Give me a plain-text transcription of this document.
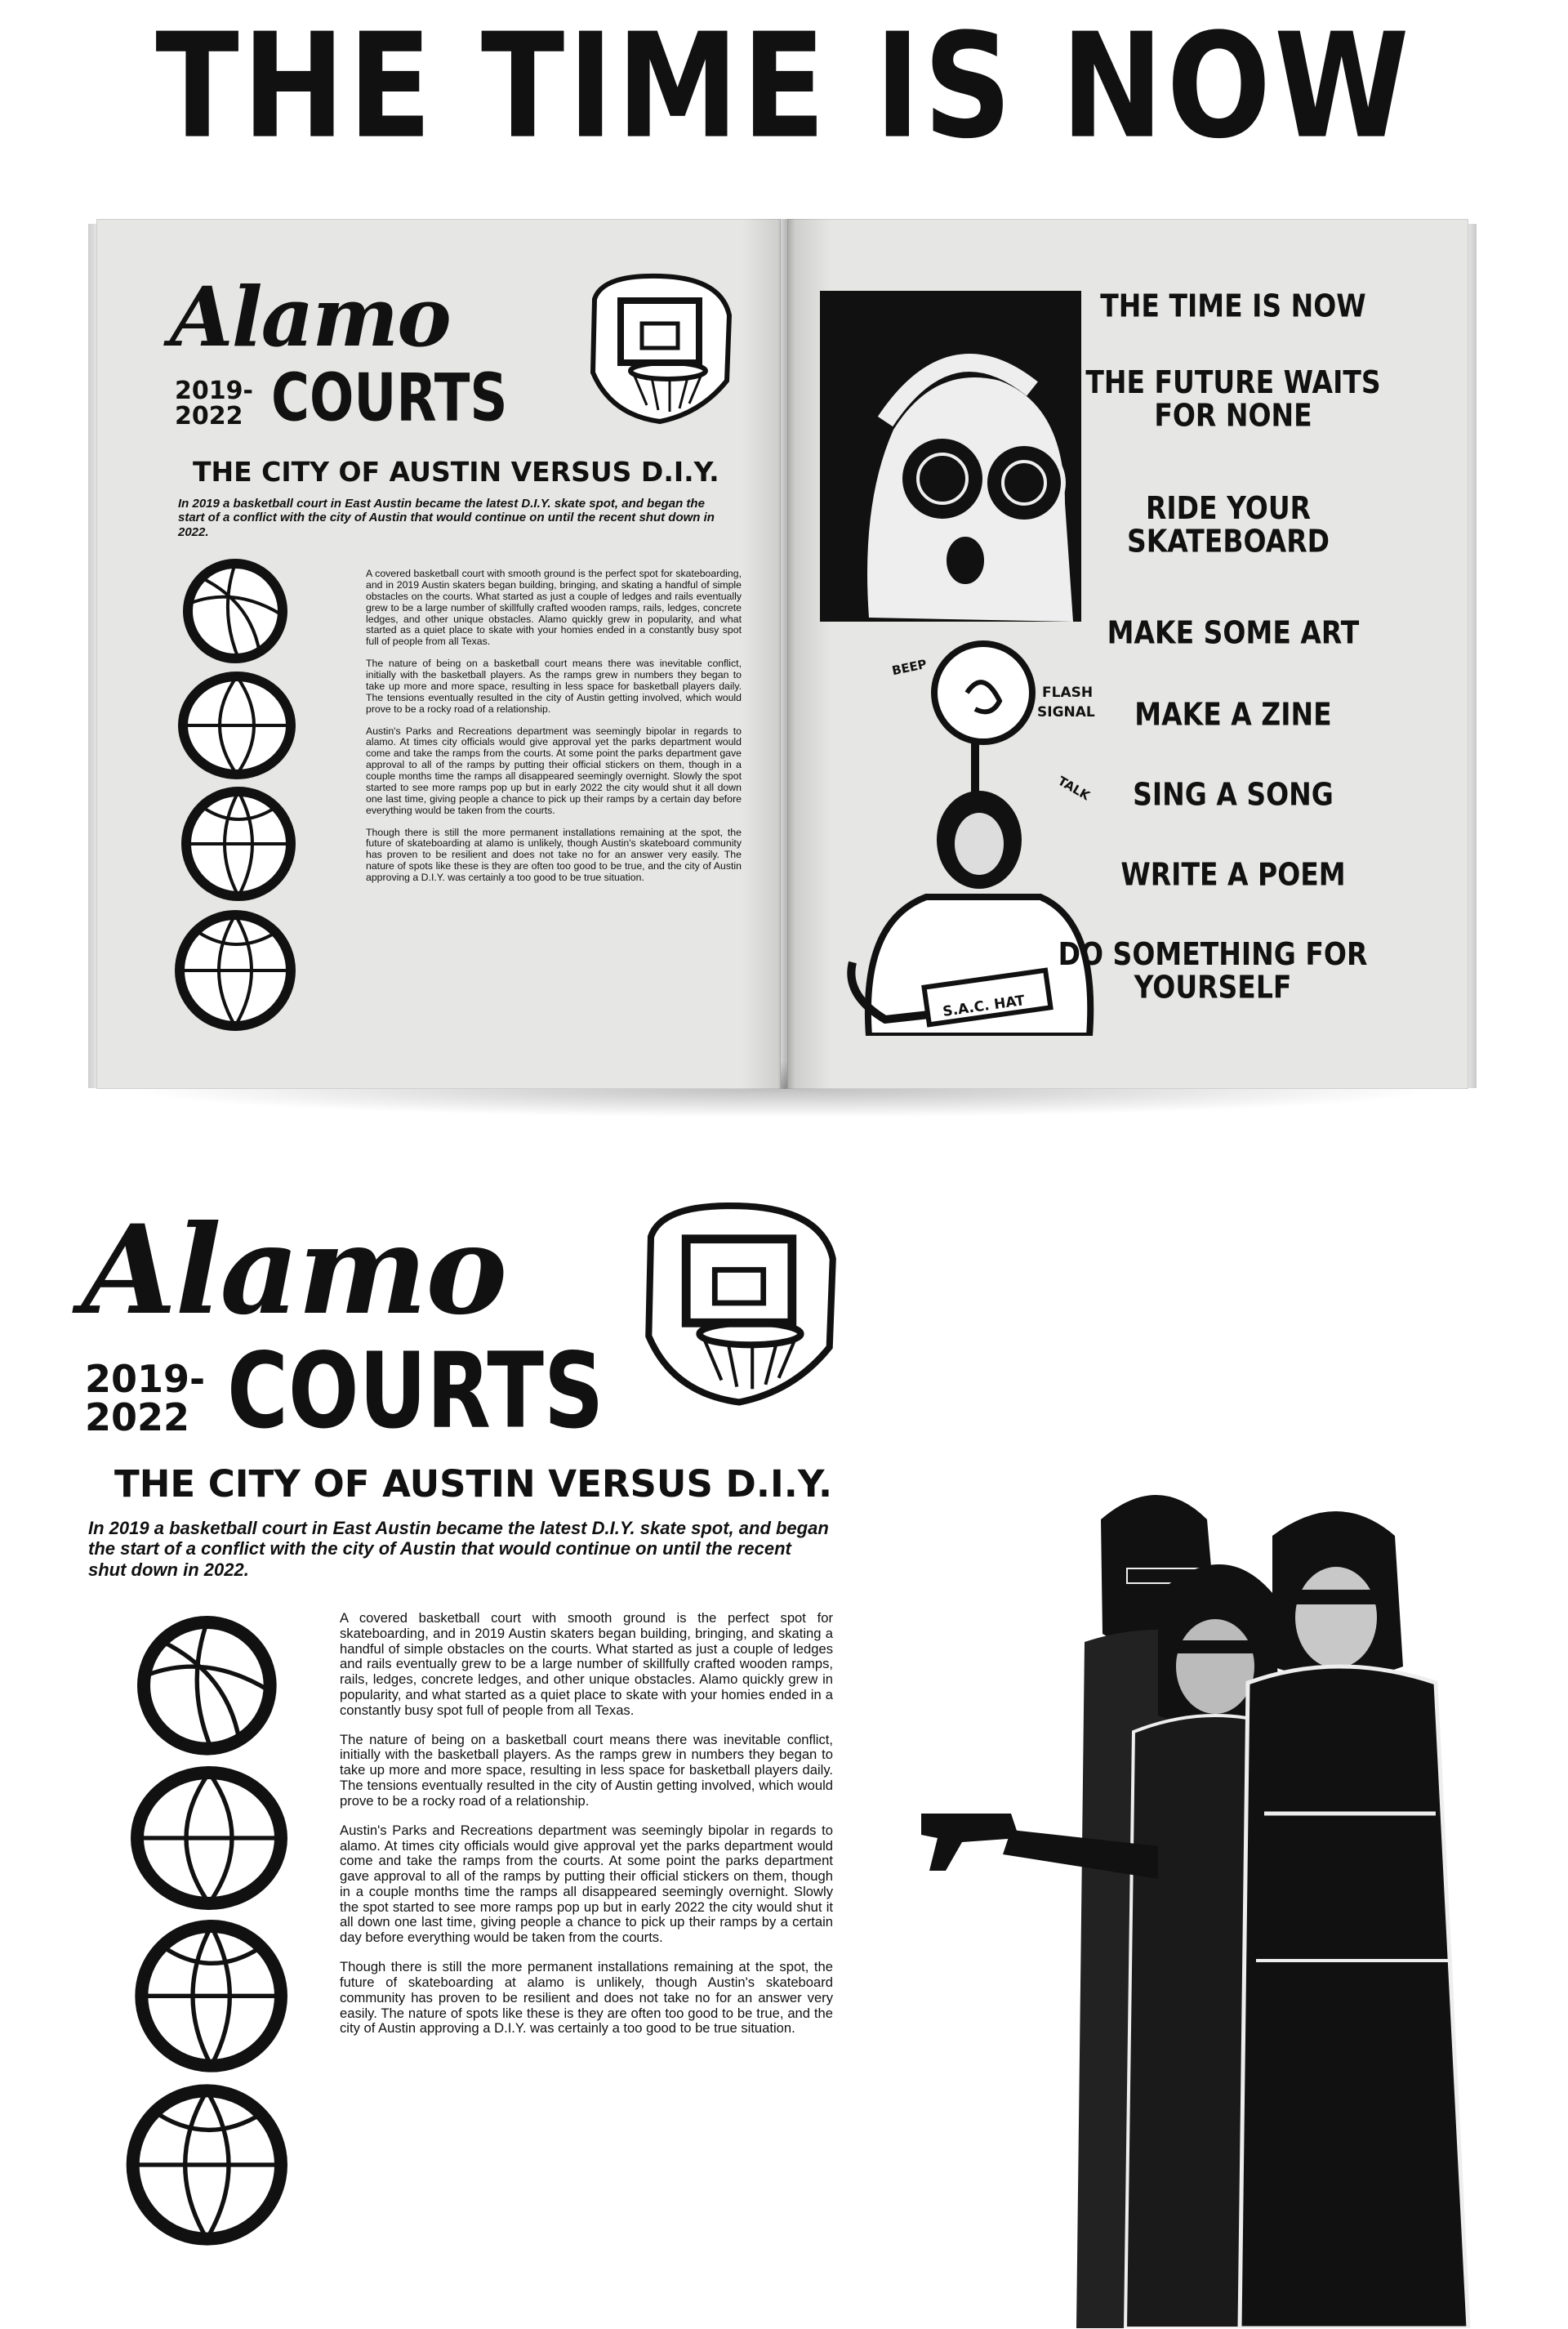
THE TIME IS NOW
Alamo
2019-
2022 COURTS
THE CITY OF AUSTIN VERSUS D.I.Y.
In 2019 a basketball court in East Austin became the latest D.I.Y. skate spot, and began the start of a conflict with the city of Austin that would continue on until the recent shut down in 2022.

A covered basketball court with smooth ground is the perfect spot for skateboarding, and in 2019 Austin skaters began building, bringing, and skating a handful of simple obstacles on the courts. What started as just a couple of ledges and rails eventually grew to be a large number of skillfully crafted wooden ramps, rails, ledges, concrete ledges, and other unique obstacles. Alamo quickly grew in popularity, and what started as a quiet place to skate with your homies ended in a constantly busy spot full of people from all Texas.

The nature of being on a basketball court means there was inevitable conflict, initially with the basketball players. As the ramps grew in numbers they began to take up more and more space, resulting in less space for basketball players daily. The tensions eventually resulted in the city of Austin getting involved, which would prove to be a rocky road of a relationship.

Austin's Parks and Recreations department was seemingly bipolar in regards to alamo. At times city officials would give approval yet the parks department would come and take the ramps from the courts. At some point the parks department gave approval to all of the ramps by putting their official stickers on them, though in a couple months time the ramps all disappeared seemingly overnight. Slowly the spot started to see more ramps pop up but in early 2022 the city would shut it all down one last time, giving people a chance to pick up their ramps by a certain day before everything would be taken from the courts.

Though there is still the more permanent installations remaining at the spot, the future of skateboarding at alamo is unlikely, though Austin's skateboard community has proven to be resilient and does not take no for an answer very easily. The nature of spots like these is they are often too good to be true, and the city of Austin approving a D.I.Y. was certainly a too good to be true situation.

BEEP
FLASH
SIGNAL
TALK
S.A.C. HAT
THE TIME IS NOW
THE FUTURE WAITS FOR NONE
RIDE YOUR SKATEBOARD
MAKE SOME ART
MAKE A ZINE
SING A SONG
WRITE A POEM
DO SOMETHING FOR YOURSELF
Alamo
2019-
2022 COURTS
THE CITY OF AUSTIN VERSUS D.I.Y.
In 2019 a basketball court in East Austin became the latest D.I.Y. skate spot, and began the start of a conflict with the city of Austin that would continue on until the recent shut down in 2022.

A covered basketball court with smooth ground is the perfect spot for skateboarding, and in 2019 Austin skaters began building, bringing, and skating a handful of simple obstacles on the courts. What started as just a couple of ledges and rails eventually grew to be a large number of skillfully crafted wooden ramps, rails, ledges, concrete ledges, and other unique obstacles. Alamo quickly grew in popularity, and what started as a quiet place to skate with your homies ended in a constantly busy spot full of people from all Texas.

The nature of being on a basketball court means there was inevitable conflict, initially with the basketball players. As the ramps grew in numbers they began to take up more and more space, resulting in less space for basketball players daily. The tensions eventually resulted in the city of Austin getting involved, which would prove to be a rocky road of a relationship.

Austin's Parks and Recreations department was seemingly bipolar in regards to alamo. At times city officials would give approval yet the parks department would come and take the ramps from the courts. At some point the parks department gave approval to all of the ramps by putting their official stickers on them, though in a couple months time the ramps all disappeared seemingly overnight. Slowly the spot started to see more ramps pop up but in early 2022 the city would shut it all down one last time, giving people a chance to pick up their ramps by a certain day before everything would be taken from the courts.

Though there is still the more permanent installations remaining at the spot, the future of skateboarding at alamo is unlikely, though Austin's skateboard community has proven to be resilient and does not take no for an answer very easily. The nature of spots like these is they are often too good to be true, and the city of Austin approving a D.I.Y. was certainly a too good to be true situation.
